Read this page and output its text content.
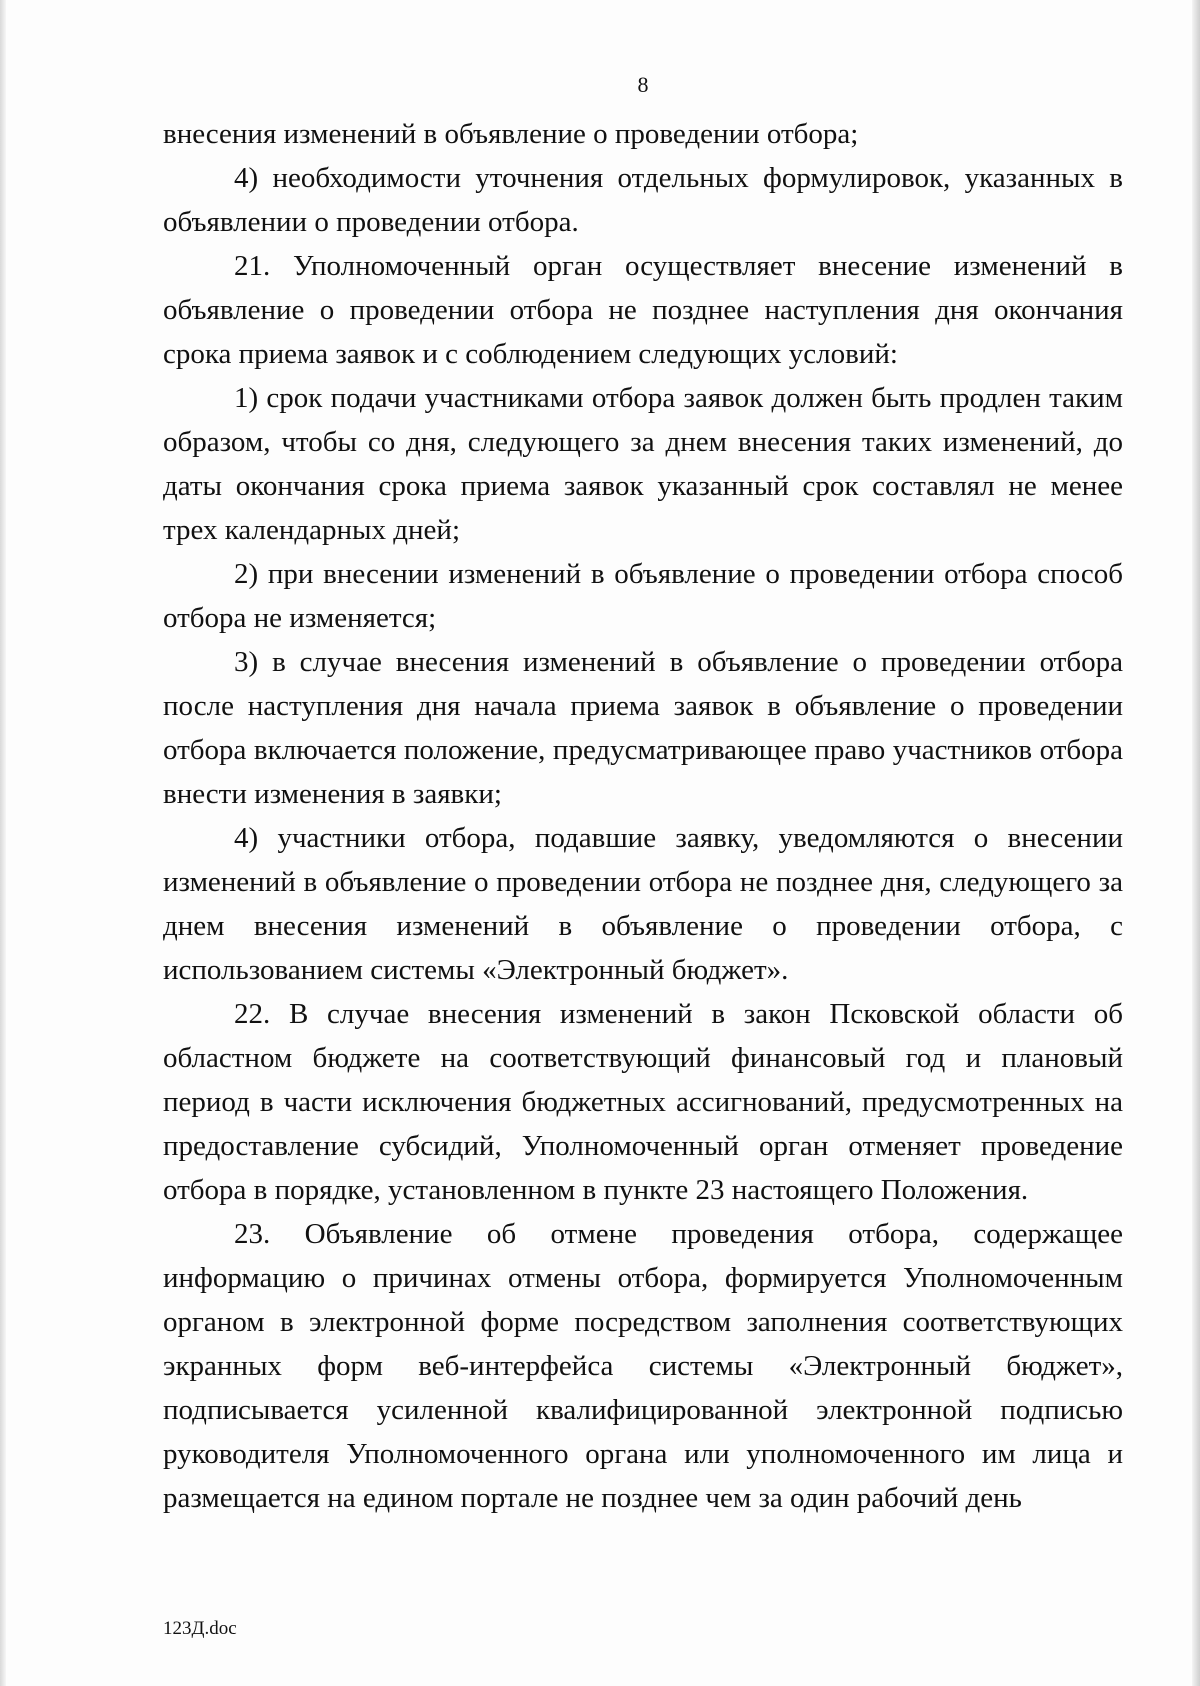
8

внесения изменений в объявление о проведении отбора;

4) необходимости уточнения отдельных формулировок, указанных в объявлении о проведении отбора.

21. Уполномоченный орган осуществляет внесение изменений в объявление о проведении отбора не позднее наступления дня окончания срока приема заявок и с соблюдением следующих условий:

1) срок подачи участниками отбора заявок должен быть продлен таким образом, чтобы со дня, следующего за днем внесения таких изменений, до даты окончания срока приема заявок указанный срок составлял не менее трех календарных дней;

2) при внесении изменений в объявление о проведении отбора способ отбора не изменяется;

3) в случае внесения изменений в объявление о проведении отбора после наступления дня начала приема заявок в объявление о проведении отбора включается положение, предусматривающее право участников отбора внести изменения в заявки;

4) участники отбора, подавшие заявку, уведомляются о внесении изменений в объявление о проведении отбора не позднее дня, следующего за днем внесения изменений в объявление о проведении отбора, с использованием системы «Электронный бюджет».

22. В случае внесения изменений в закон Псковской области об областном бюджете на соответствующий финансовый год и плановый период в части исключения бюджетных ассигнований, предусмотренных на предоставление субсидий, Уполномоченный орган отменяет проведение отбора в порядке, установленном в пункте 23 настоящего Положения.

23. Объявление об отмене проведения отбора, содержащее информацию о причинах отмены отбора, формируется Уполномоченным органом в электронной форме посредством заполнения соответствующих экранных форм веб-интерфейса системы «Электронный бюджет», подписывается усиленной квалифицированной электронной подписью руководителя Уполномоченного органа или уполномоченного им лица и размещается на едином портале не позднее чем за один рабочий день

123Д.doc
